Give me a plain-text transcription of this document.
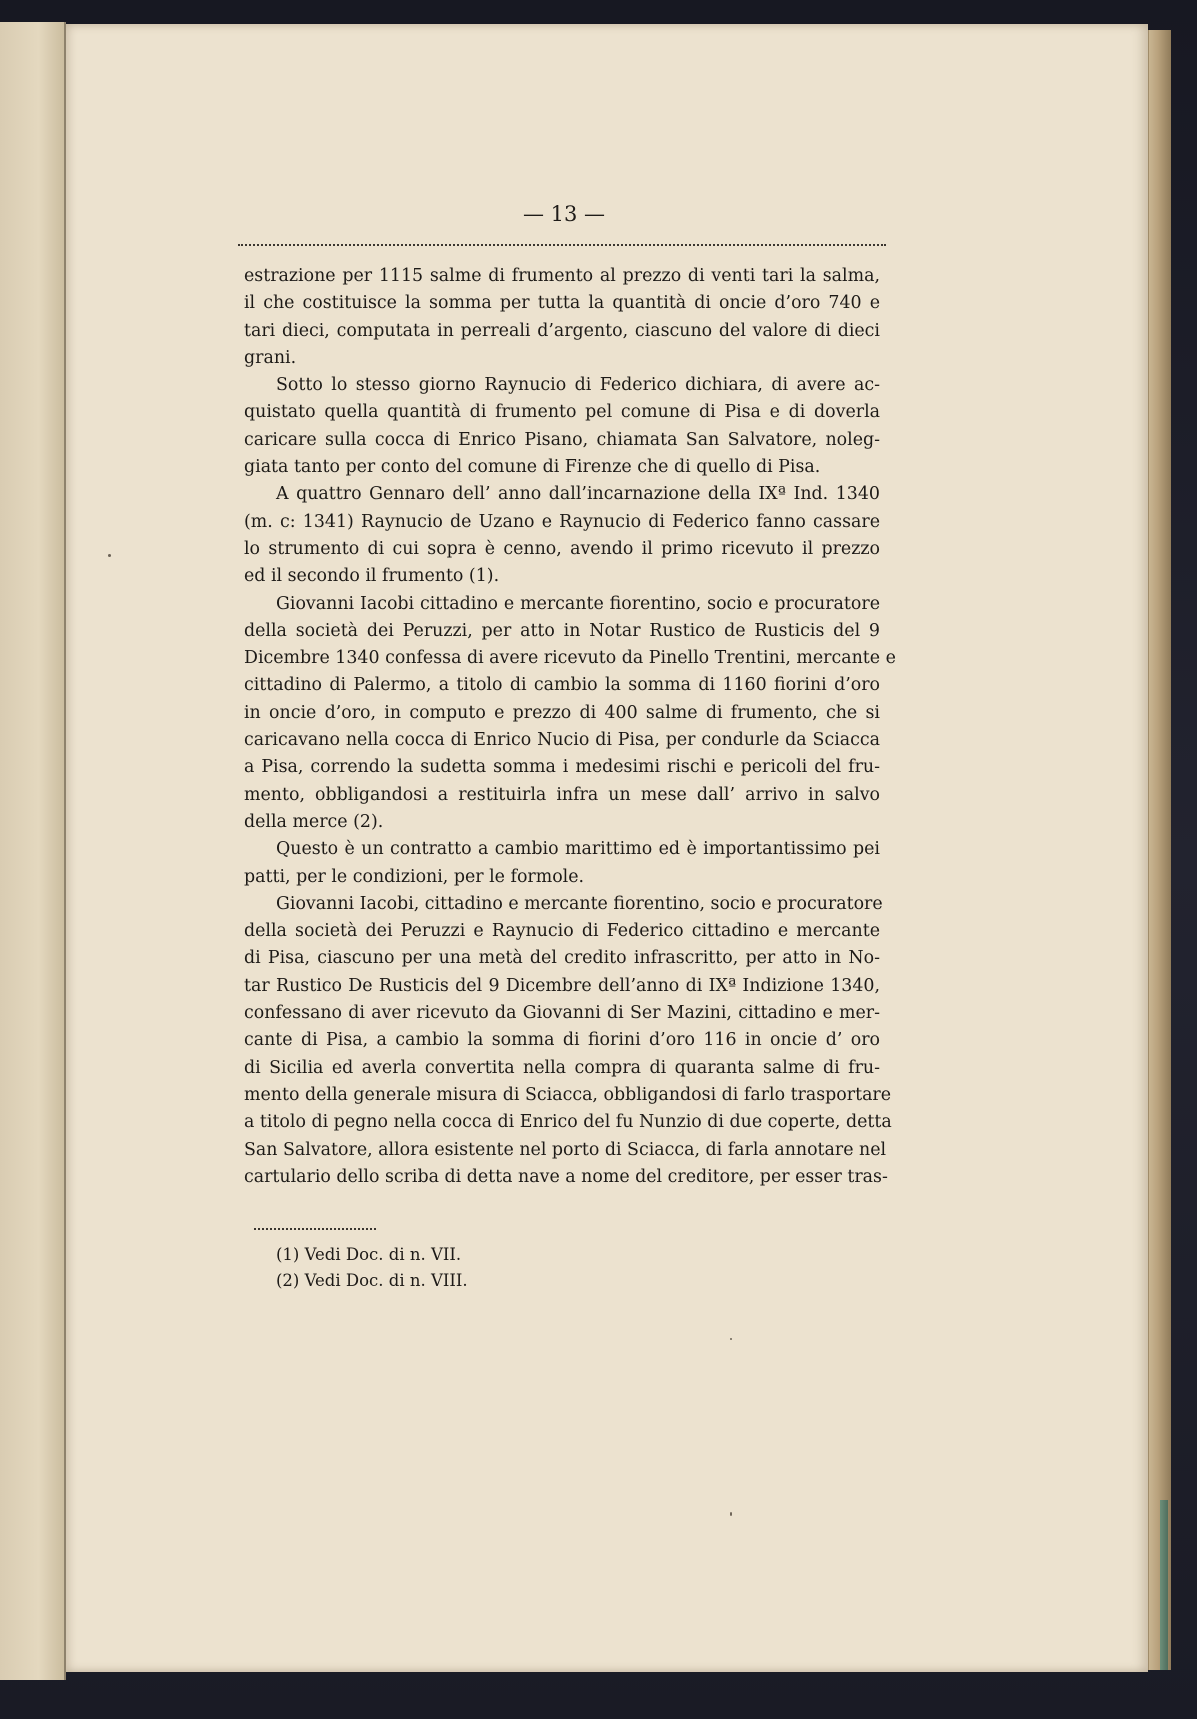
— 13 —
estrazione per 1115 salme di frumento al prezzo di venti tari la salma,
il che costituisce la somma per tutta la quantità di oncie d’oro 740 e
tari dieci, computata in perreali d’argento, ciascuno del valore di dieci
grani.
Sotto lo stesso giorno Raynucio di Federico dichiara, di avere ac-
quistato quella quantità di frumento pel comune di Pisa e di doverla
caricare sulla cocca di Enrico Pisano, chiamata San Salvatore, noleg-
giata tanto per conto del comune di Firenze che di quello di Pisa.
A quattro Gennaro dell’ anno dall’incarnazione della IXª Ind. 1340
(m. c: 1341) Raynucio de Uzano e Raynucio di Federico fanno cassare
lo strumento di cui sopra è cenno, avendo il primo ricevuto il prezzo
ed il secondo il frumento (1).
Giovanni Iacobi cittadino e mercante fiorentino, socio e procuratore
della società dei Peruzzi, per atto in Notar Rustico de Rusticis del 9
Dicembre 1340 confessa di avere ricevuto da Pinello Trentini, mercante e
cittadino di Palermo, a titolo di cambio la somma di 1160 fiorini d’oro
in oncie d’oro, in computo e prezzo di 400 salme di frumento, che si
caricavano nella cocca di Enrico Nucio di Pisa, per condurle da Sciacca
a Pisa, correndo la sudetta somma i medesimi rischi e pericoli del fru-
mento, obbligandosi a restituirla infra un mese dall’ arrivo in salvo
della merce (2).
Questo è un contratto a cambio marittimo ed è importantissimo pei
patti, per le condizioni, per le formole.
Giovanni Iacobi, cittadino e mercante fiorentino, socio e procuratore
della società dei Peruzzi e Raynucio di Federico cittadino e mercante
di Pisa, ciascuno per una metà del credito infrascritto, per atto in No-
tar Rustico De Rusticis del 9 Dicembre dell’anno di IXª Indizione 1340,
confessano di aver ricevuto da Giovanni di Ser Mazini, cittadino e mer-
cante di Pisa, a cambio la somma di fiorini d’oro 116 in oncie d’ oro
di Sicilia ed averla convertita nella compra di quaranta salme di fru-
mento della generale misura di Sciacca, obbligandosi di farlo trasportare
a titolo di pegno nella cocca di Enrico del fu Nunzio di due coperte, detta
San Salvatore, allora esistente nel porto di Sciacca, di farla annotare nel
cartulario dello scriba di detta nave a nome del creditore, per esser tras-
(1) Vedi Doc. di n. VII.
(2) Vedi Doc. di n. VIII.
